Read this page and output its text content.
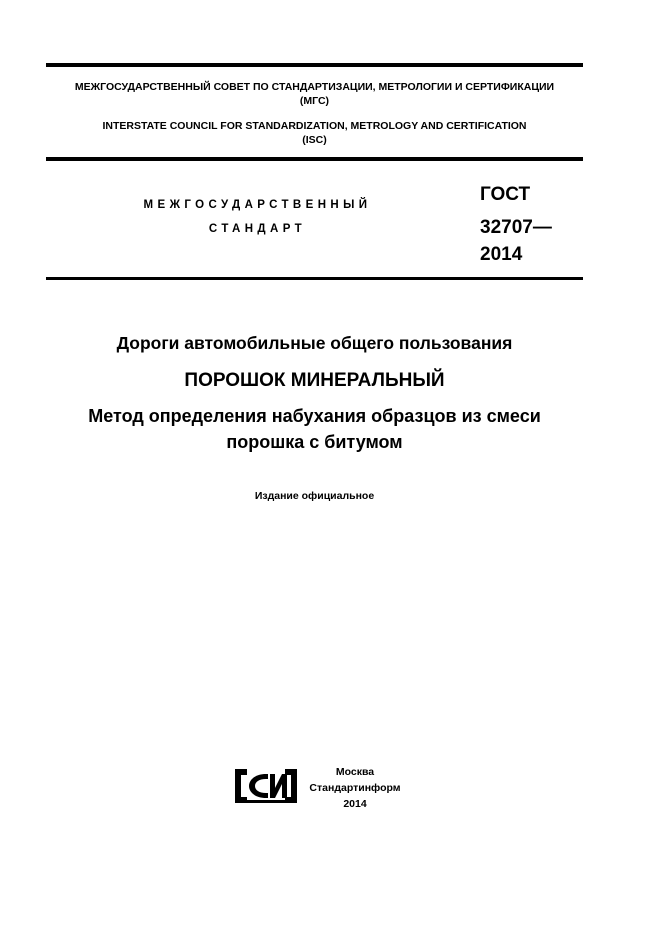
МЕЖГОСУДАРСТВЕННЫЙ СОВЕТ ПО СТАНДАРТИЗАЦИИ, МЕТРОЛОГИИ И СЕРТИФИКАЦИИ
(МГС)
INTERSTATE COUNCIL FOR STANDARDIZATION, METROLOGY AND CERTIFICATION
(ISC)
МЕЖГОСУДАРСТВЕННЫЙ
СТАНДАРТ
ГОСТ
32707—
2014
Дороги автомобильные общего пользования
ПОРОШОК МИНЕРАЛЬНЫЙ
Метод определения набухания образцов из смеси
порошка с битумом
Издание официальное
Москва
Стандартинформ
2014
